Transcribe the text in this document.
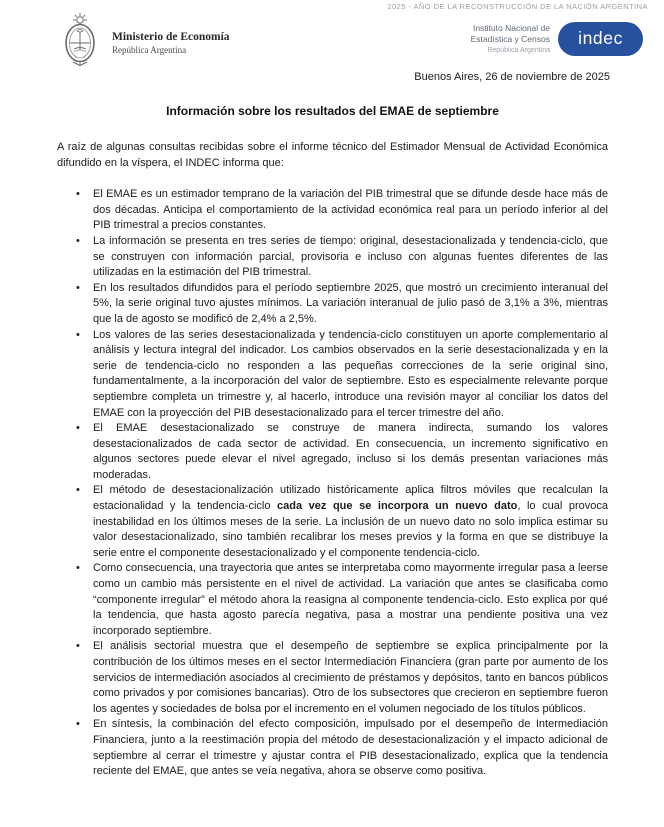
2025 - AÑO DE LA RECONSTRUCCIÓN DE LA NACIÓN ARGENTINA
Ministerio de Economía
República Argentina
Instituto Nacional de
Estadística y Censos
República Argentina
indec
Buenos Aires, 26 de noviembre de 2025
Información sobre los resultados del EMAE de septiembre

A raíz de algunas consultas recibidas sobre el informe técnico del Estimador Mensual de Actividad Económica difundido en la víspera, el INDEC informa que:

• El EMAE es un estimador temprano de la variación del PIB trimestral que se difunde desde hace más de dos décadas. Anticipa el comportamiento de la actividad económica real para un período inferior al del PIB trimestral a precios constantes.
• La información se presenta en tres series de tiempo: original, desestacionalizada y tendencia-ciclo, que se construyen con información parcial, provisoria e incluso con algunas fuentes diferentes de las utilizadas en la estimación del PIB trimestral.
• En los resultados difundidos para el período septiembre 2025, que mostró un crecimiento interanual del 5%, la serie original tuvo ajustes mínimos. La variación interanual de julio pasó de 3,1% a 3%, mientras que la de agosto se modificó de 2,4% a 2,5%.
• Los valores de las series desestacionalizada y tendencia-ciclo constituyen un aporte complementario al análisis y lectura integral del indicador. Los cambios observados en la serie desestacionalizada y en la serie de tendencia-ciclo no responden a las pequeñas correcciones de la serie original sino, fundamentalmente, a la incorporación del valor de septiembre. Esto es especialmente relevante porque septiembre completa un trimestre y, al hacerlo, introduce una revisión mayor al conciliar los datos del EMAE con la proyección del PIB desestacionalizado para el tercer trimestre del año.
• El EMAE desestacionalizado se construye de manera indirecta, sumando los valores desestacionalizados de cada sector de actividad. En consecuencia, un incremento significativo en algunos sectores puede elevar el nivel agregado, incluso si los demás presentan variaciones más moderadas.
• El método de desestacionalización utilizado históricamente aplica filtros móviles que recalculan la estacionalidad y la tendencia-ciclo cada vez que se incorpora un nuevo dato, lo cual provoca inestabilidad en los últimos meses de la serie. La inclusión de un nuevo dato no solo implica estimar su valor desestacionalizado, sino también recalibrar los meses previos y la forma en que se distribuye la serie entre el componente desestacionalizado y el componente tendencia-ciclo.
• Como consecuencia, una trayectoria que antes se interpretaba como mayormente irregular pasa a leerse como un cambio más persistente en el nivel de actividad. La variación que antes se clasificaba como “componente irregular” el método ahora la reasigna al componente tendencia-ciclo. Esto explica por qué la tendencia, que hasta agosto parecía negativa, pasa a mostrar una pendiente positiva una vez incorporado septiembre.
• El análisis sectorial muestra que el desempeño de septiembre se explica principalmente por la contribución de los últimos meses en el sector Intermediación Financiera (gran parte por aumento de los servicios de intermediación asociados al crecimiento de préstamos y depósitos, tanto en bancos públicos como privados y por comisiones bancarias). Otro de los subsectores que crecieron en septiembre fueron los agentes y sociedades de bolsa por el incremento en el volumen negociado de los títulos públicos.
• En síntesis, la combinación del efecto composición, impulsado por el desempeño de Intermediación Financiera, junto a la reestimación propia del método de desestacionalización y el impacto adicional de septiembre al cerrar el trimestre y ajustar contra el PIB desestacionalizado, explica que la tendencia reciente del EMAE, que antes se veía negativa, ahora se observe como positiva.
